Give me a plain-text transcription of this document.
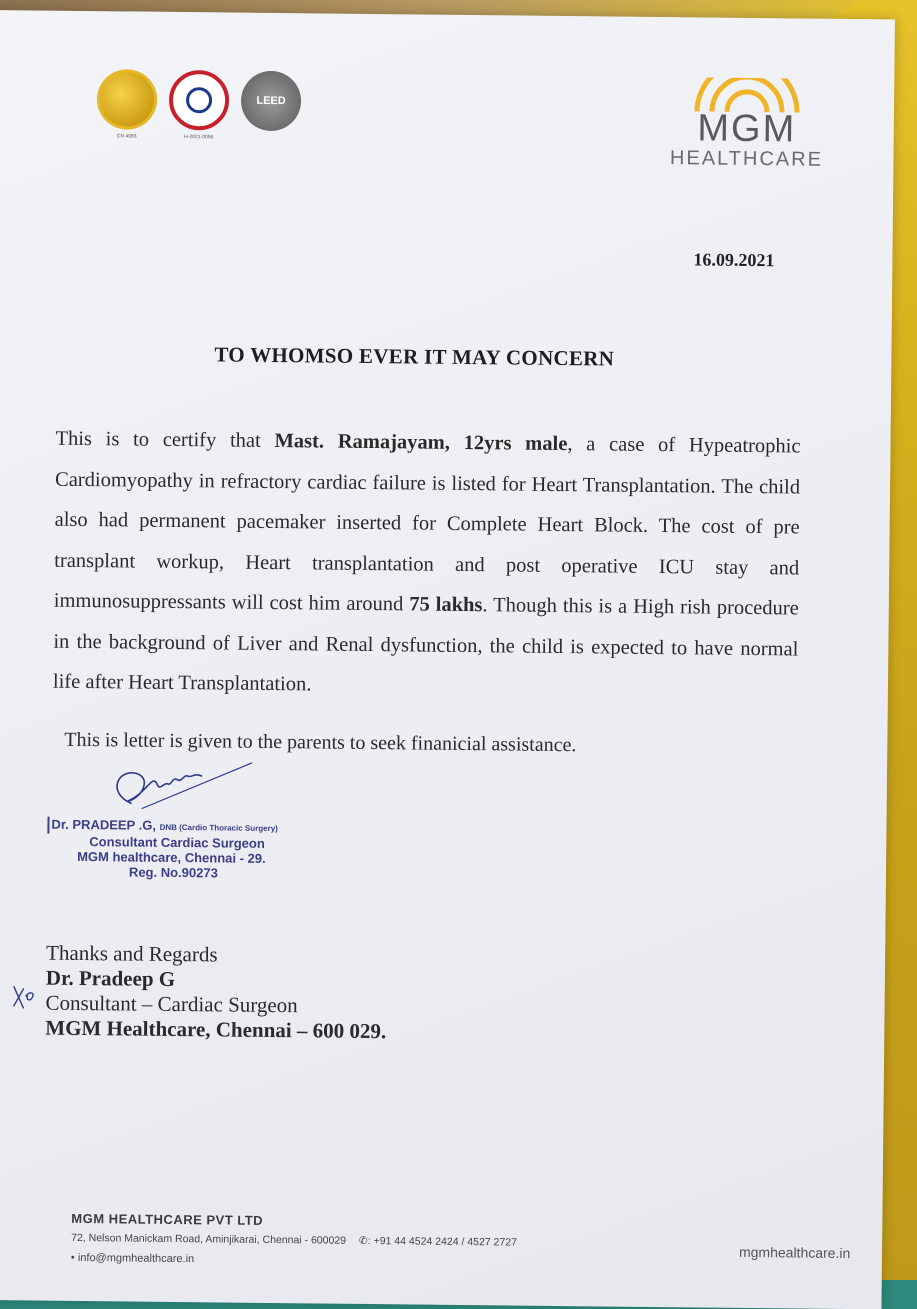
CN 4083	H-2021-0056
LEED
MGM
HEALTHCARE
16.09.2021
TO WHOMSO EVER IT MAY CONCERN
This is to certify that Mast. Ramajayam, 12yrs male, a case of Hypeatrophic Cardiomyopathy in refractory cardiac failure is listed for Heart Transplantation. The child also had permanent pacemaker inserted for Complete Heart Block. The cost of pre transplant workup, Heart transplantation and post operative ICU stay and immunosuppressants will cost him around 75 lakhs. Though this is a High rish procedure in the background of Liver and Renal dysfunction, the child is expected to have normal life after Heart Transplantation.
This is letter is given to the parents to seek finanicial assistance.
Dr. PRADEEP .G, DNB (Cardio Thoracic Surgery)
Consultant Cardiac Surgeon
MGM healthcare, Chennai - 29.
Reg. No.90273
Thanks and Regards
Dr. Pradeep G
Consultant – Cardiac Surgeon
MGM Healthcare, Chennai – 600 029.
MGM HEALTHCARE PVT LTD
72, Nelson Manickam Road, Aminjikarai, Chennai - 600029 ✆: +91 44 4524 2424 / 4527 2727
• info@mgmhealthcare.in	mgmhealthcare.in
